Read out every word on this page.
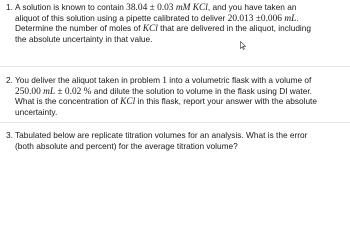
1. A solution is known to contain 38.04 ± 0.03 mM KCl, and you have taken an
aliquot of this solution using a pipette calibrated to deliver 20.013 ±0.006 mL.
Determine the number of moles of KCl that are delivered in the aliquot, including
the absolute uncertainty in that value.
2. You deliver the aliquot taken in problem 1 into a volumetric flask with a volume of
250.00 mL ± 0.02 % and dilute the solution to volume in the flask using DI water.
What is the concentration of KCl in this flask, report your answer with the absolute
uncertainty.
3. Tabulated below are replicate titration volumes for an analysis. What is the error
(both absolute and percent) for the average titration volume?
